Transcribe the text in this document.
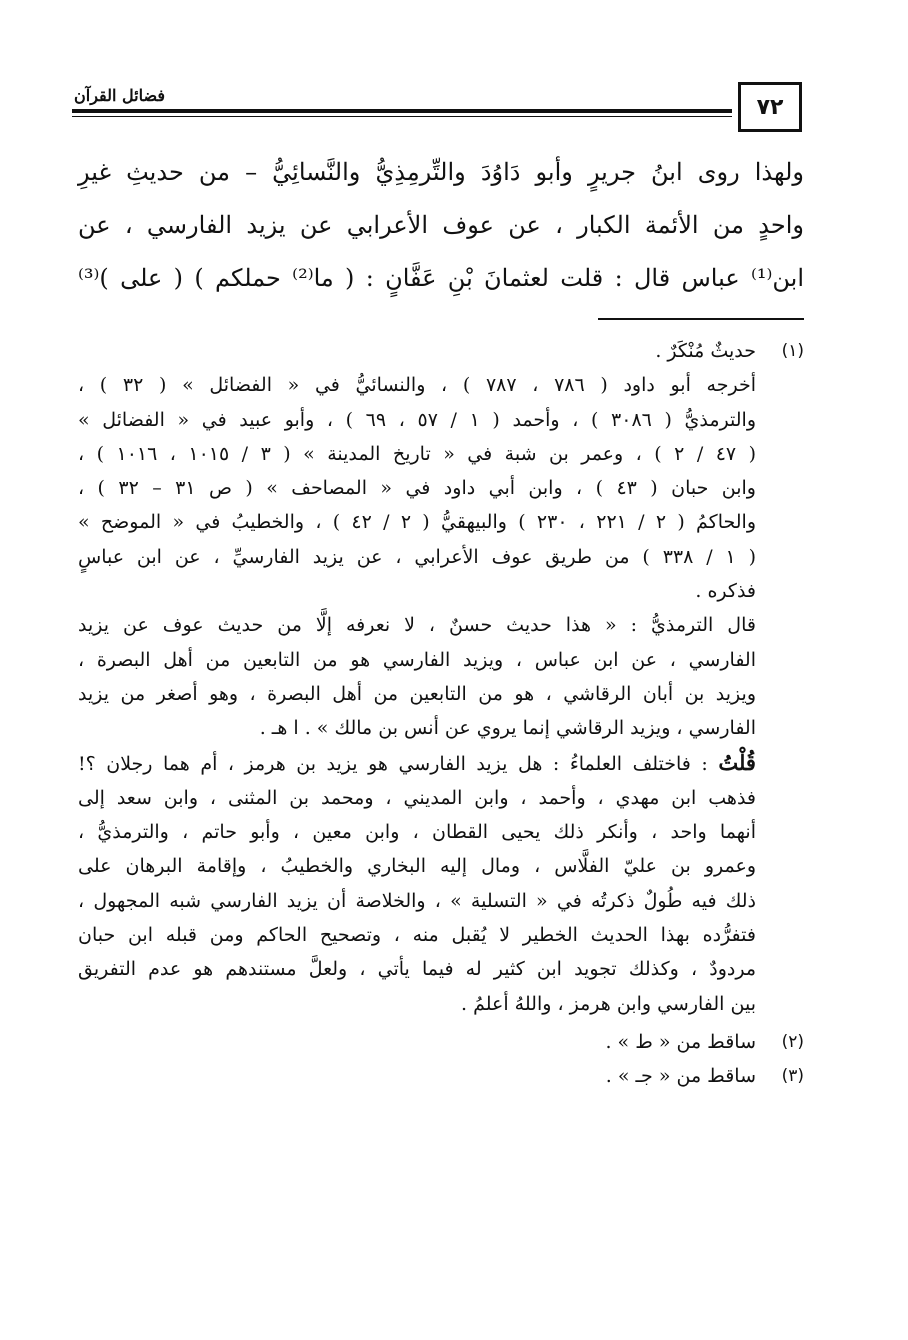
فضائل القرآن	٧٢
ولهذا روى ابنُ جريرٍ وأبو دَاوُدَ والتِّرمِذِيُّ والنَّسائِيُّ – من حديثِ غيرِ
واحدٍ من الأئمة الكبار ، عن عوف الأعرابي عن يزيد الفارسي ، عن
ابن⁽¹⁾ عباس قال : قلت لعثمانَ بْنِ عَفَّانٍ : ( ما⁽²⁾ حملكم ) ( على )⁽³⁾
(١)
حديثٌ مُنْكَرٌ .
أخرجه أبو داود ( ٧٨٦ ، ٧٨٧ ) ، والنسائيُّ في « الفضائل » ( ٣٢ ) ،
والترمذيُّ ( ٣٠٨٦ ) ، وأحمد ( ١ / ٥٧ ، ٦٩ ) ، وأبو عبيد في « الفضائل »
( ٤٧ / ٢ ) ، وعمر بن شبة في « تاريخ المدينة » ( ٣ / ١٠١٥ ، ١٠١٦ ) ،
وابن حبان ( ٤٣ ) ، وابن أبي داود في « المصاحف » ( ص ٣١ – ٣٢ ) ،
والحاكمُ ( ٢ / ٢٢١ ، ٢٣٠ ) والبيهقيُّ ( ٢ / ٤٢ ) ، والخطيبُ في « الموضح »
( ١ / ٣٣٨ ) من طريق عوف الأعرابي ، عن يزيد الفارسيِّ ، عن ابن عباسٍ
فذكره .
قال الترمذيُّ : « هذا حديث حسنٌ ، لا نعرفه إلَّا من حديث عوف عن يزيد
الفارسي ، عن ابن عباس ، ويزيد الفارسي هو من التابعين من أهل البصرة ،
ويزيد بن أبان الرقاشي ، هو من التابعين من أهل البصرة ، وهو أصغر من يزيد
الفارسي ، ويزيد الرقاشي إنما يروي عن أنس بن مالك » . ا هـ .
قُلْتُ : فاختلف العلماءُ : هل يزيد الفارسي هو يزيد بن هرمز ، أم هما رجلان ؟!
فذهب ابن مهدي ، وأحمد ، وابن المديني ، ومحمد بن المثنى ، وابن سعد إلى
أنهما واحد ، وأنكر ذلك يحيى القطان ، وابن معين ، وأبو حاتم ، والترمذيُّ ،
وعمرو بن عليّ الفلَّاس ، ومال إليه البخاري والخطيبُ ، وإقامة البرهان على
ذلك فيه طُولٌ ذكرتُه في « التسلية » ، والخلاصة أن يزيد الفارسي شبه المجهول ،
فتفرُّده بهذا الحديث الخطير لا يُقبل منه ، وتصحيح الحاكم ومن قبله ابن حبان
مردودٌ ، وكذلك تجويد ابن كثير له فيما يأتي ، ولعلَّ مستندهم هو عدم التفريق
بين الفارسي وابن هرمز ، واللهُ أعلمُ .
(٢)
ساقط من « ط » .
(٣)
ساقط من « جـ » .
